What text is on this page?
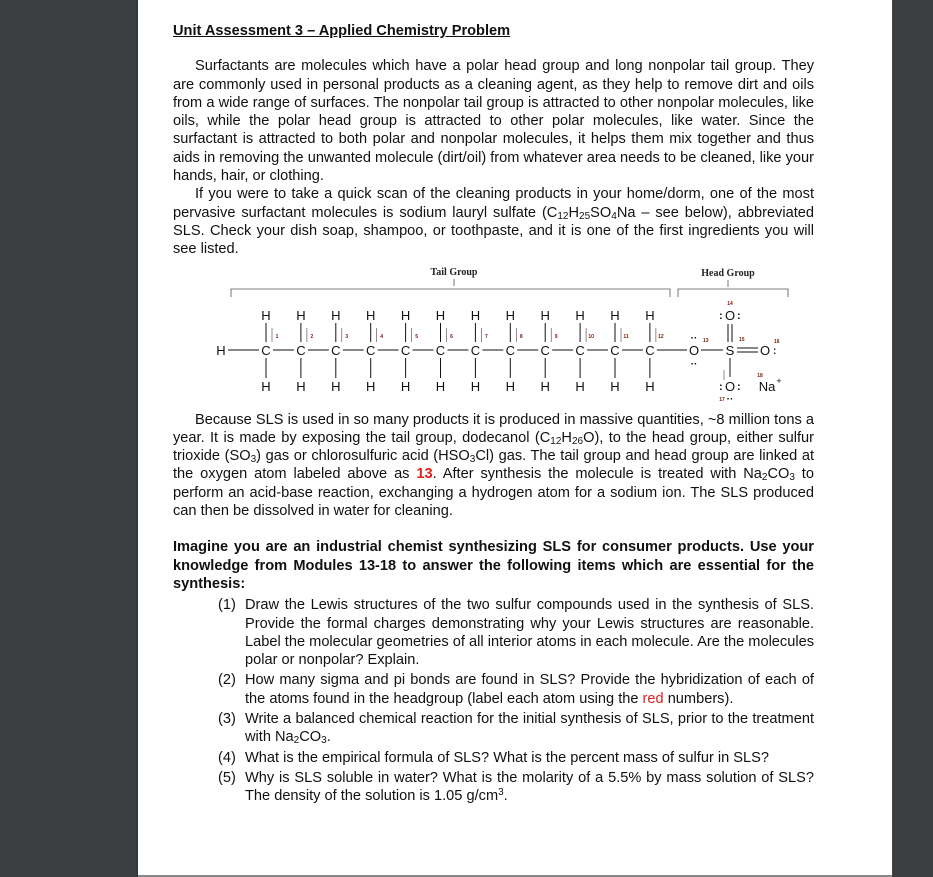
Unit Assessment 3 – Applied Chemistry Problem

Surfactants are molecules which have a polar head group and long nonpolar tail group. They are commonly used in personal products as a cleaning agent, as they help to remove dirt and oils from a wide range of surfaces. The nonpolar tail group is attracted to other nonpolar molecules, like oils, while the polar head group is attracted to other polar molecules, like water. Since the surfactant is attracted to both polar and nonpolar molecules, it helps them mix together and thus aids in removing the unwanted molecule (dirt/oil) from whatever area needs to be cleaned, like your hands, hair, or clothing.

If you were to take a quick scan of the cleaning products in your home/dorm, one of the most pervasive surfactant molecules is sodium lauryl sulfate ($C_{12}H_{25}SO_4Na$ – see below), abbreviated SLS. Check your dish soap, shampoo, or toothpaste, and it is one of the first ingredients you will see listed.

Tail Group	Head Group
H	C
H
H
1
C
H
H
2
C
H
H
3
C
H
H
4
C
H
H
5
C
H
H
6
C
H
H
7
C
H
H
8
C
H
H
9
C
H
H
10
C
H
H
11
C
H
H
12
O
··
··
13
S
15
O
16
:
O
: :
14
O
: :
··
17
18
Na +

Because SLS is used in so many products it is produced in massive quantities, ~8 million tons a year. It is made by exposing the tail group, dodecanol $(C_{12}H_{26}O)$, to the head group, either sulfur trioxide $(SO_3)$ gas or chlorosulfuric acid $(HSO_3Cl)$ gas. The tail group and head group are linked at the oxygen atom labeled above as 13. After synthesis the molecule is treated with $Na_2CO_3$ to perform an acid-base reaction, exchanging a hydrogen atom for a sodium ion. The SLS produced can then be dissolved in water for cleaning.

Imagine you are an industrial chemist synthesizing SLS for consumer products. Use your knowledge from Modules 13-18 to answer the following items which are essential for the synthesis:
(1) Draw the Lewis structures of the two sulfur compounds used in the synthesis of SLS. Provide the formal charges demonstrating why your Lewis structures are reasonable. Label the molecular geometries of all interior atoms in each molecule. Are the molecules polar or nonpolar? Explain.
(2) How many sigma and pi bonds are found in SLS? Provide the hybridization of each of the atoms found in the headgroup (label each atom using the red numbers).
(3) Write a balanced chemical reaction for the initial synthesis of SLS, prior to the treatment with $Na_2CO_3$.
(4) What is the empirical formula of SLS? What is the percent mass of sulfur in SLS?
(5) Why is SLS soluble in water? What is the molarity of a 5.5% by mass solution of SLS? The density of the solution is 1.05 $g/cm^3$.
